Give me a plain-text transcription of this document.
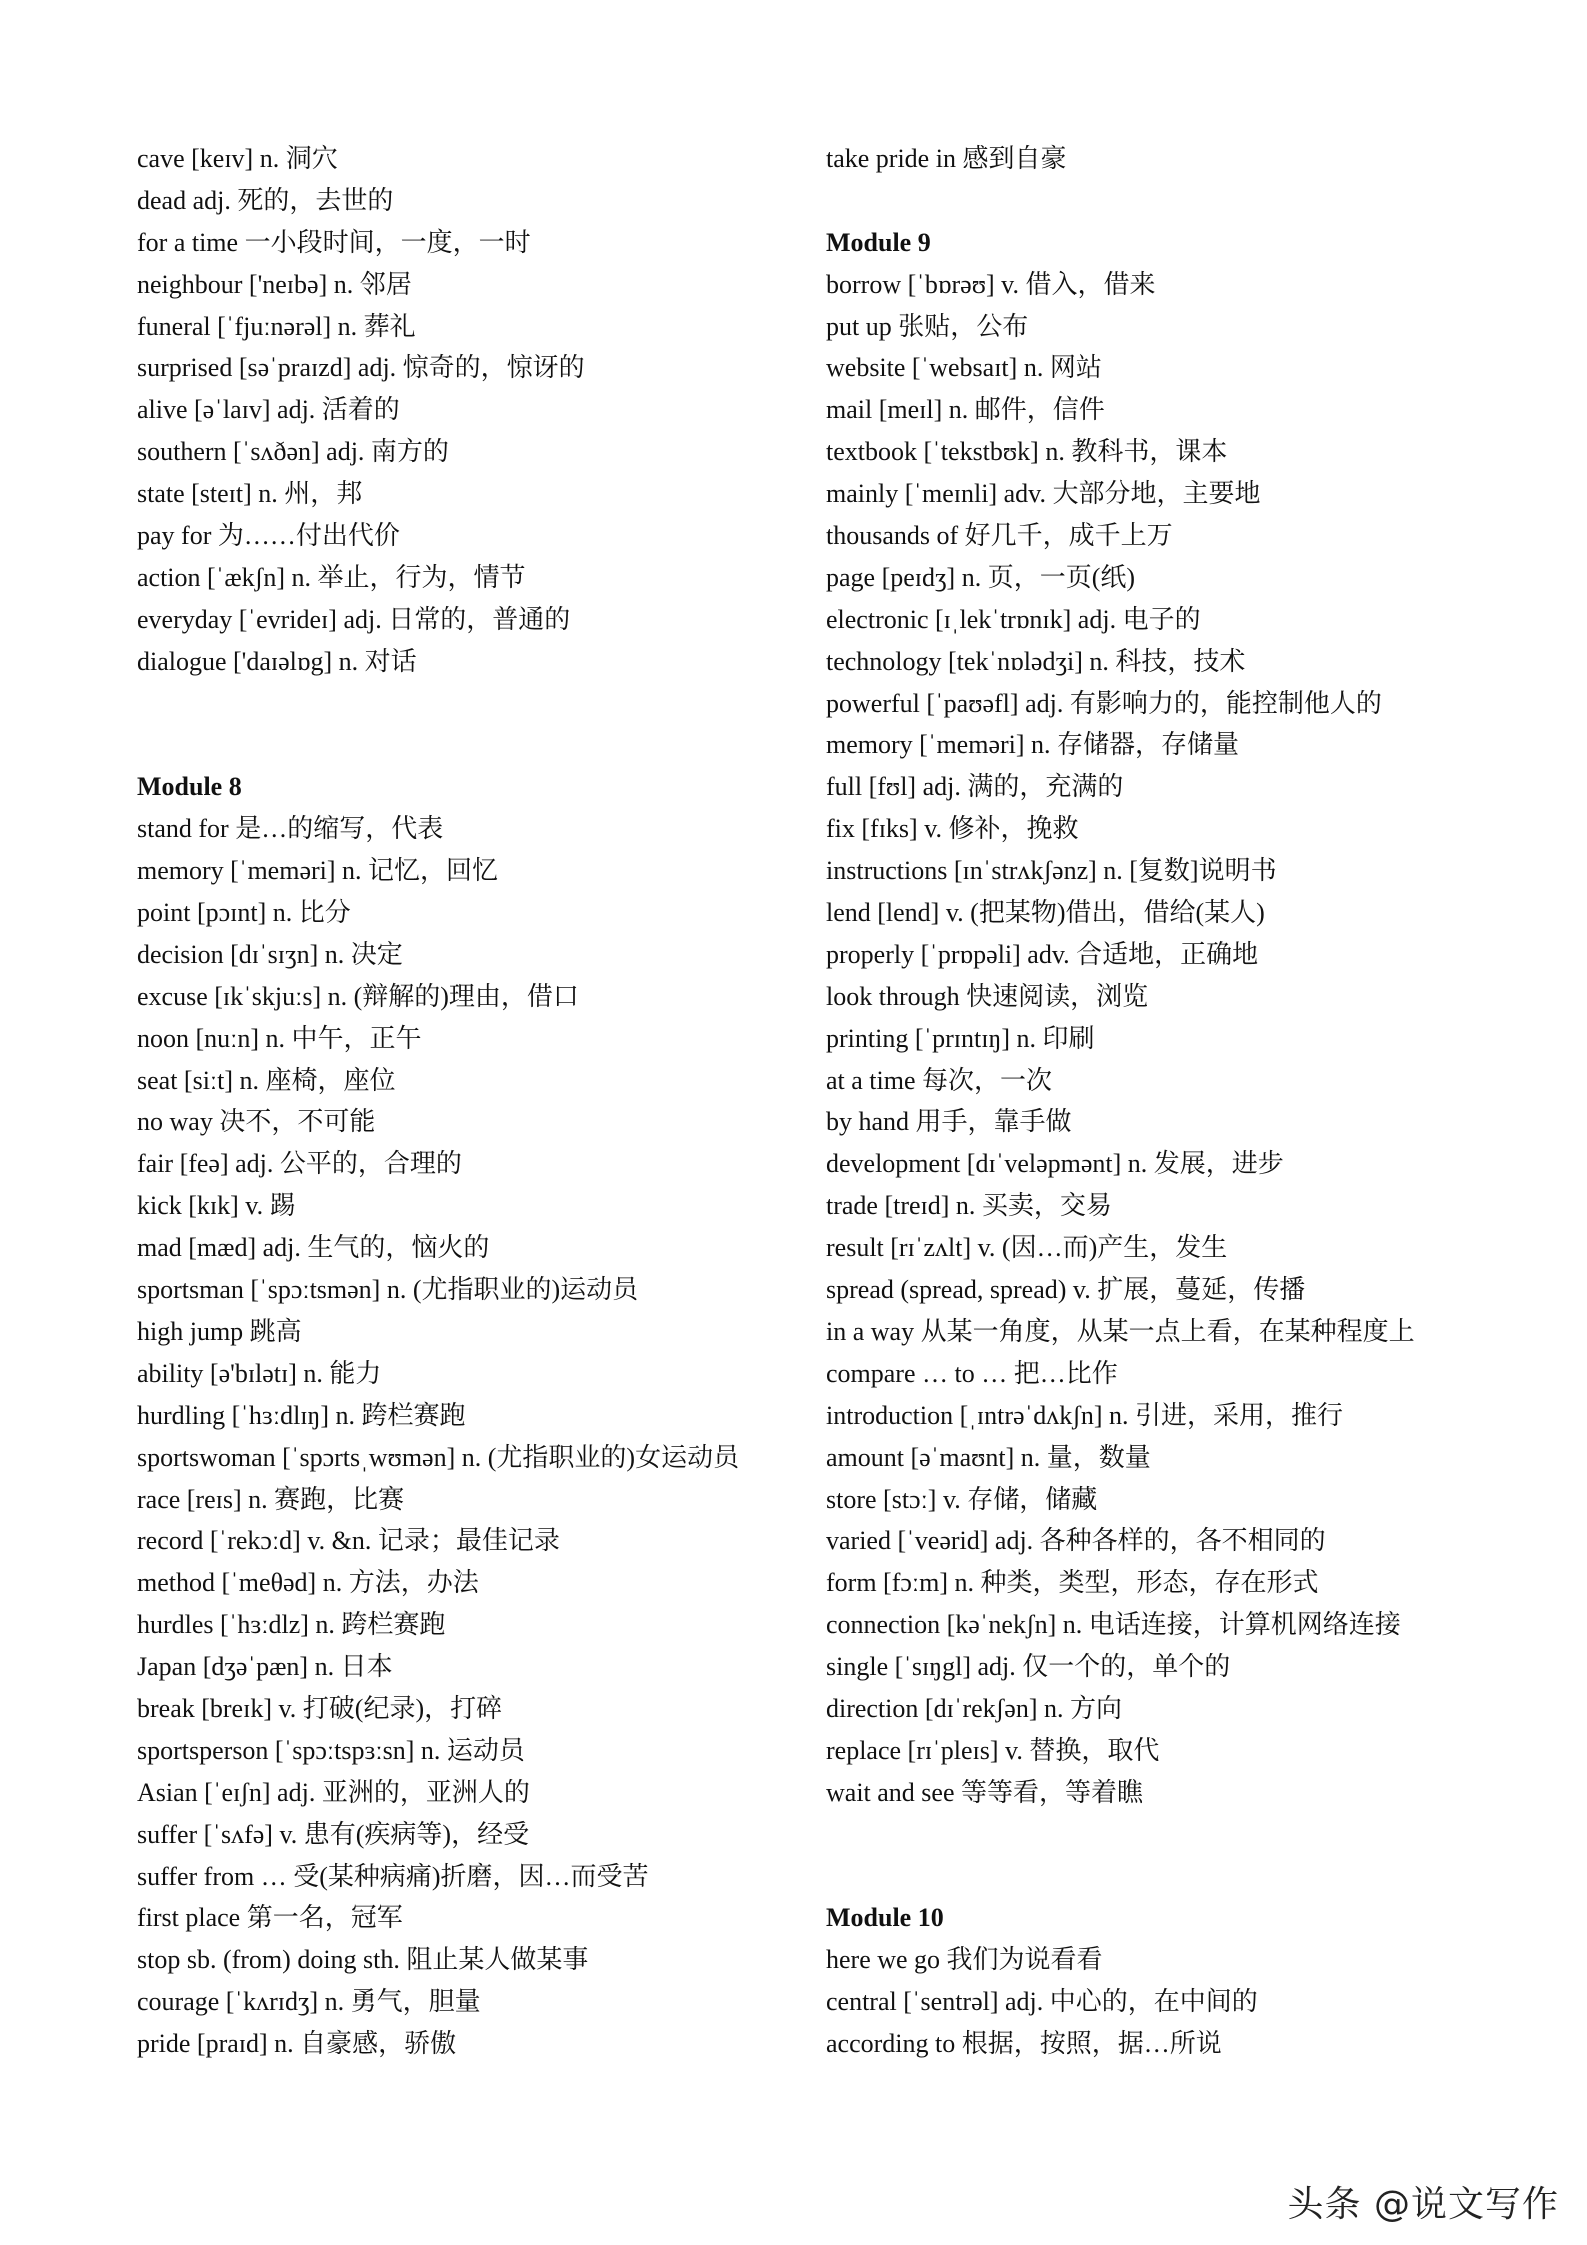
cave [keɪv] n. 洞穴
dead adj. 死的，去世的
for a time 一小段时间，一度，一时
neighbour ['neɪbə] n. 邻居
funeral [ˈfjuːnərəl] n. 葬礼
surprised [səˈpraɪzd] adj. 惊奇的，惊讶的
alive [əˈlaɪv] adj. 活着的
southern [ˈsʌðən] adj. 南方的
state [steɪt] n. 州，邦
pay for 为……付出代价
action [ˈækʃn] n. 举止，行为，情节
everyday [ˈevrideɪ] adj. 日常的，普通的
dialogue ['daɪəlɒg] n. 对话
Module 8
stand for 是…的缩写，代表
memory [ˈmeməri] n. 记忆，回忆
point [pɔɪnt] n. 比分
decision [dɪˈsɪʒn] n. 决定
excuse [ɪkˈskjuːs] n. (辩解的)理由，借口
noon [nuːn] n. 中午，正午
seat [siːt] n. 座椅，座位
no way 决不，不可能
fair [feə] adj. 公平的，合理的
kick [kɪk] v. 踢
mad [mæd] adj. 生气的，恼火的
sportsman [ˈspɔːtsmən] n. (尤指职业的)运动员
high jump 跳高
ability [ə'bɪlətɪ] n. 能力
hurdling [ˈhɜːdlɪŋ] n. 跨栏赛跑
sportswoman [ˈspɔrtsˌwʊmən] n. (尤指职业的)女运动员
race [reɪs] n. 赛跑，比赛
record [ˈrekɔːd] v. &n. 记录；最佳记录
method [ˈmeθəd] n. 方法，办法
hurdles [ˈhɜːdlz] n. 跨栏赛跑
Japan [dʒəˈpæn] n. 日本
break [breɪk] v. 打破(纪录)，打碎
sportsperson [ˈspɔːtspɜːsn] n. 运动员
Asian [ˈeɪʃn] adj. 亚洲的，亚洲人的
suffer [ˈsʌfə] v. 患有(疾病等)，经受
suffer from … 受(某种病痛)折磨，因…而受苦
first place 第一名，冠军
stop sb. (from) doing sth. 阻止某人做某事
courage [ˈkʌrɪdʒ] n. 勇气，胆量
pride [praɪd] n. 自豪感，骄傲
take pride in 感到自豪
Module 9
borrow [ˈbɒrəʊ] v. 借入，借来
put up 张贴，公布
website [ˈwebsaɪt] n. 网站
mail [meɪl] n. 邮件，信件
textbook [ˈtekstbʊk] n. 教科书，课本
mainly [ˈmeɪnli] adv. 大部分地，主要地
thousands of 好几千，成千上万
page [peɪdʒ] n. 页，一页(纸)
electronic [ɪˌlekˈtrɒnɪk] adj. 电子的
technology [tekˈnɒlədʒi] n. 科技，技术
powerful [ˈpaʊəfl] adj. 有影响力的，能控制他人的
memory [ˈmeməri] n. 存储器，存储量
full [fʊl] adj. 满的，充满的
fix [fɪks] v. 修补，挽救
instructions [ɪnˈstrʌkʃənz] n. [复数]说明书
lend [lend] v. (把某物)借出，借给(某人)
properly [ˈprɒpəli] adv. 合适地，正确地
look through 快速阅读，浏览
printing [ˈprɪntɪŋ] n. 印刷
at a time 每次，一次
by hand 用手，靠手做
development [dɪˈveləpmənt] n. 发展，进步
trade [treɪd] n. 买卖，交易
result [rɪˈzʌlt] v. (因…而)产生，发生
spread (spread, spread) v. 扩展，蔓延，传播
in a way 从某一角度，从某一点上看，在某种程度上
compare … to … 把…比作
introduction [ˌɪntrəˈdʌkʃn] n. 引进，采用，推行
amount [əˈmaʊnt] n. 量，数量
store [stɔː] v. 存储，储藏
varied [ˈveərid] adj. 各种各样的，各不相同的
form [fɔːm] n. 种类，类型，形态，存在形式
connection [kəˈnekʃn] n. 电话连接，计算机网络连接
single [ˈsɪŋgl] adj. 仅一个的，单个的
direction [dɪˈrekʃən] n. 方向
replace [rɪˈpleɪs] v. 替换，取代
wait and see 等等看，等着瞧
Module 10
here we go 我们为说看看
central [ˈsentrəl] adj. 中心的，在中间的
according to 根据，按照，据…所说
头条 @说文写作
